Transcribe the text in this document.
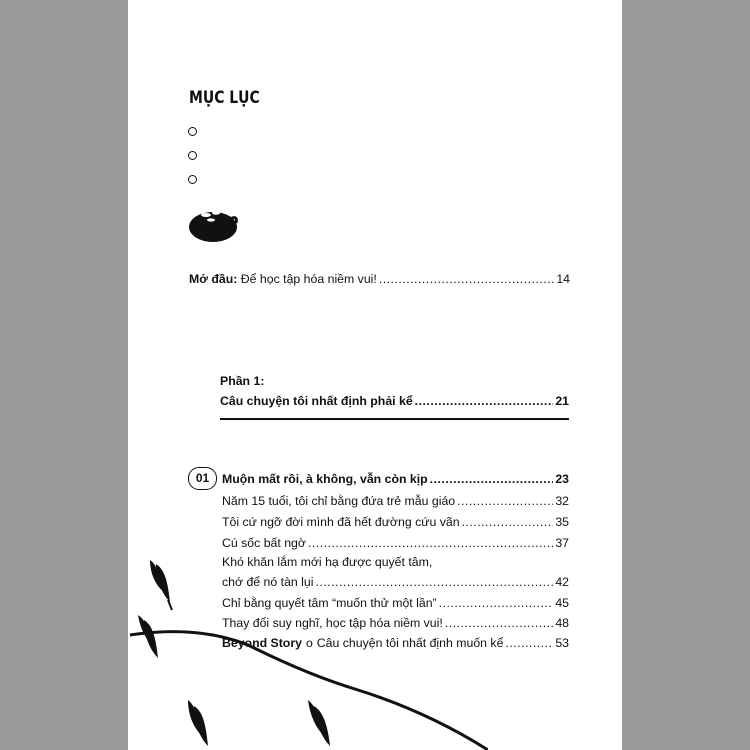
MỤC LỤC
Mở đầu:
Để học tập hóa niềm vui! .....	14
Phần 1:
Câu chuyện tôi nhất định phải kể .....	21
01	Muộn mất rồi, à không, vẫn còn kịp .....	23
Năm 15 tuổi, tôi chỉ bằng đứa trẻ mẫu giáo .....	32
Tôi cứ ngỡ đời mình đã hết đường cứu vãn .....	35
Cú sốc bất ngờ .....	37
Khó khăn lắm mới hạ được quyết tâm,
chớ để nó tàn lụi .....	42
Chỉ bằng quyết tâm “muốn thử một lần” .....	45
Thay đổi suy nghĩ, học tập hóa niềm vui! .....	48
Beyond Story o Câu chuyện tôi nhất định muốn kể .....	53
